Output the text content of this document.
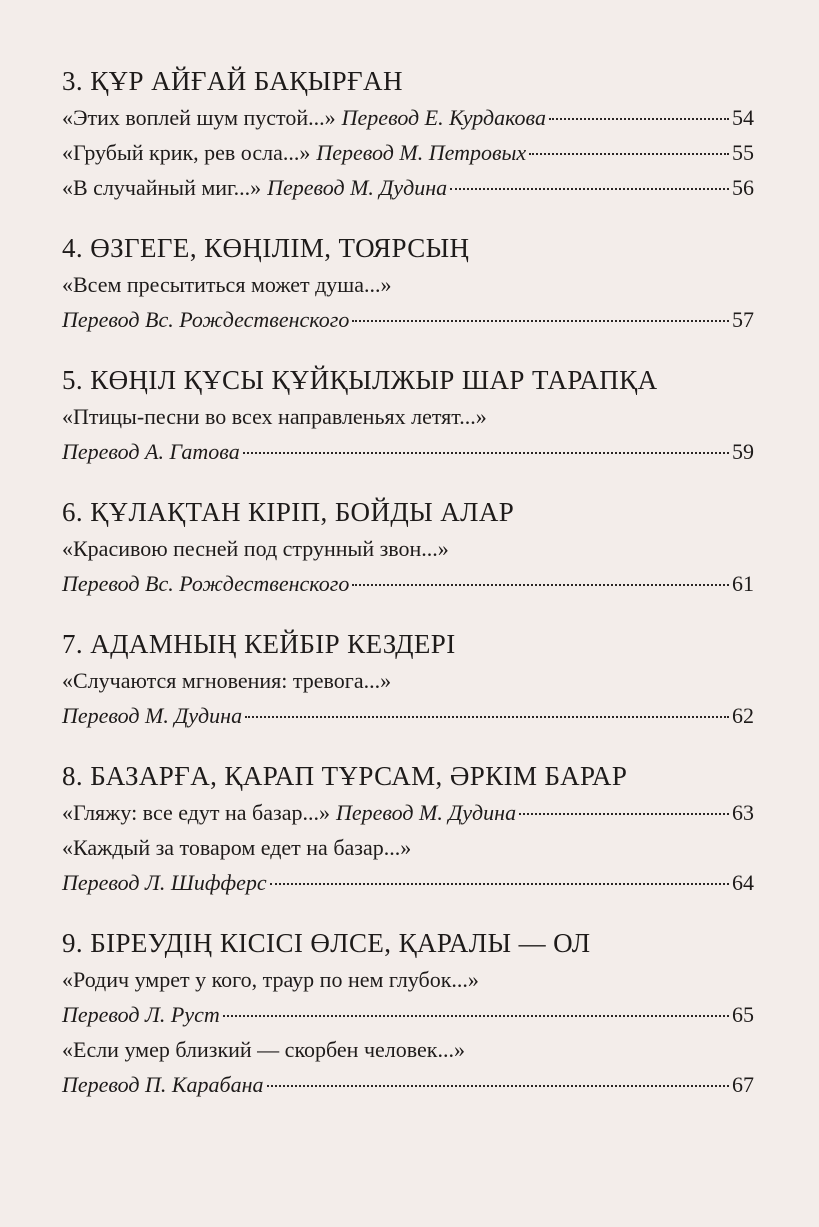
3. ҚҰР АЙҒАЙ БАҚЫРҒАН
«Этих воплей шум пустой...» Перевод Е. Курдакова	54
«Грубый крик, рев осла...» Перевод М. Петровых	55
«В случайный миг...» Перевод М. Дудина	56
4. ӨЗГЕГЕ, КӨҢІЛІМ, ТОЯРСЫҢ
«Всем пресытиться может душа...»
Перевод Вс. Рождественского	57
5. КӨҢІЛ ҚҰСЫ ҚҰЙҚЫЛЖЫР ШАР ТАРАПҚА
«Птицы-песни во всех направленьях летят...»
Перевод А. Гатова	59
6. ҚҰЛАҚТАН КІРІП, БОЙДЫ АЛАР
«Красивою песней под струнный звон...»
Перевод Вс. Рождественского	61
7. АДАМНЫҢ КЕЙБІР КЕЗДЕРІ
«Случаются мгновения: тревога...»
Перевод М. Дудина	62
8. БАЗАРҒА, ҚАРАП ТҰРСАМ, ӘРКІМ БАРАР
«Гляжу: все едут на базар...» Перевод М. Дудина	63
«Каждый за товаром едет на базар...»
Перевод Л. Шифферс	64
9. БІРЕУДІҢ КІСІСІ ӨЛСЕ, ҚАРАЛЫ — ОЛ
«Родич умрет у кого, траур по нем глубок...»
Перевод Л. Руст	65
«Если умер близкий — скорбен человек...»
Перевод П. Карабана	67
